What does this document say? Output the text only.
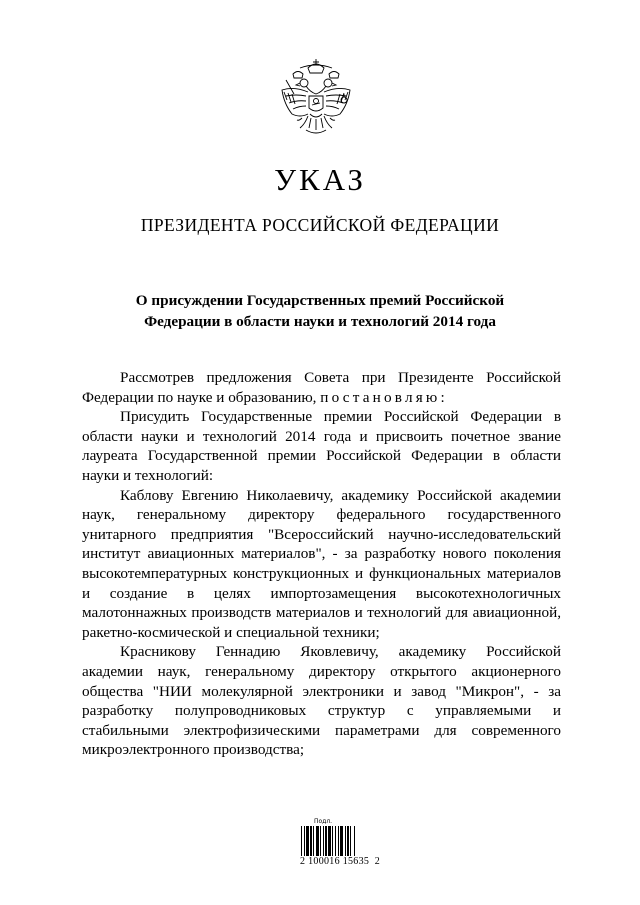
УКАЗ
ПРЕЗИДЕНТА РОССИЙСКОЙ ФЕДЕРАЦИИ
О присуждении Государственных премий Российской
Федерации в области науки и технологий 2014 года

Рассмотрев предложения Совета при Президенте Российской Федерации по науке и образованию, постановляю:

Присудить Государственные премии Российской Федерации в области науки и технологий 2014 года и присвоить почетное звание лауреата Государственной премии Российской Федерации в области науки и технологий:

Каблову Евгению Николаевичу, академику Российской академии наук, генеральному директору федерального государственного унитарного предприятия "Всероссийский научно-исследовательский институт авиационных материалов", - за разработку нового поколения высокотемпературных конструкционных и функциональных материалов и создание в целях импортозамещения высокотехнологичных малотоннажных производств материалов и технологий для авиационной, ракетно-космической и специальной техники;

Красникову Геннадию Яковлевичу, академику Российской академии наук, генеральному директору открытого акционерного общества "НИИ молекулярной электроники и завод "Микрон", - за разработку полупроводниковых структур с управляемыми и стабильными электрофизическими параметрами для современного микроэлектронного производства;

Подл.
2 100016 15635  2
